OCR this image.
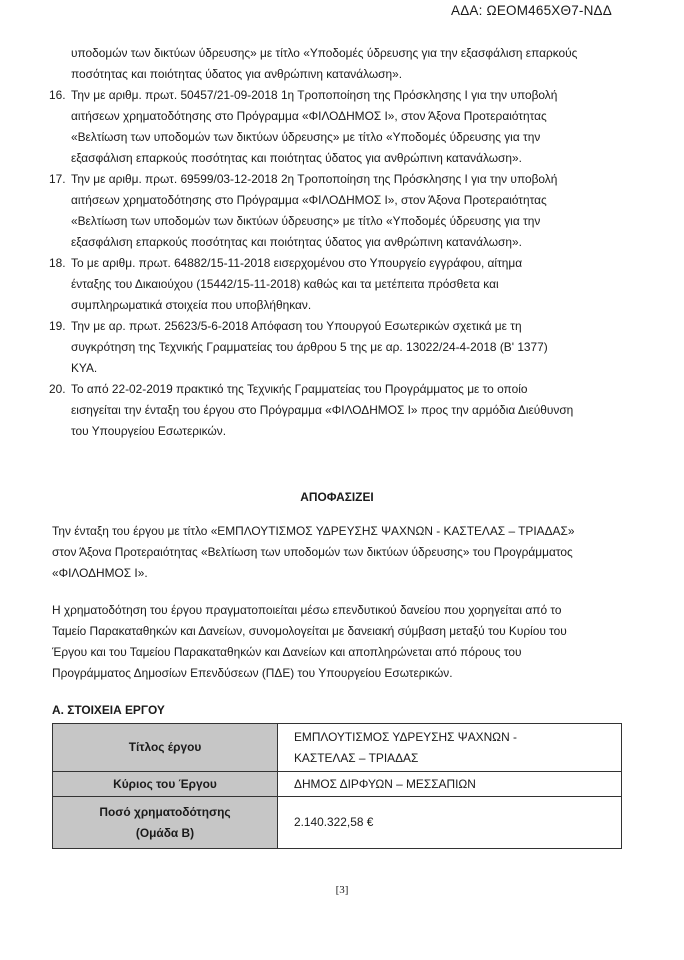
ΑΔΑ: ΩΕΟΜ465ΧΘ7-ΝΔΔ
υποδομών των δικτύων ύδρευσης» με τίτλο «Υποδομές ύδρευσης για την εξασφάλιση επαρκούς
ποσότητας και ποιότητας ύδατος για ανθρώπινη κατανάλωση».
16. Την με αριθμ. πρωτ. 50457/21-09-2018 1η Τροποποίηση της Πρόσκλησης Ι για την υποβολή
αιτήσεων χρηματοδότησης στο Πρόγραμμα «ΦΙΛΟΔΗΜΟΣ Ι», στον Άξονα Προτεραιότητας
«Βελτίωση των υποδομών των δικτύων ύδρευσης» με τίτλο «Υποδομές ύδρευσης για την
εξασφάλιση επαρκούς ποσότητας και ποιότητας ύδατος για ανθρώπινη κατανάλωση».
17. Την με αριθμ. πρωτ. 69599/03-12-2018 2η Τροποποίηση της Πρόσκλησης Ι για την υποβολή
αιτήσεων χρηματοδότησης στο Πρόγραμμα «ΦΙΛΟΔΗΜΟΣ Ι», στον Άξονα Προτεραιότητας
«Βελτίωση των υποδομών των δικτύων ύδρευσης» με τίτλο «Υποδομές ύδρευσης για την
εξασφάλιση επαρκούς ποσότητας και ποιότητας ύδατος για ανθρώπινη κατανάλωση».
18. Το με αριθμ. πρωτ. 64882/15-11-2018 εισερχομένου στο Υπουργείο εγγράφου, αίτημα
ένταξης του Δικαιούχου (15442/15-11-2018) καθώς και τα μετέπειτα πρόσθετα και
συμπληρωματικά στοιχεία που υποβλήθηκαν.
19. Την με αρ. πρωτ. 25623/5-6-2018 Απόφαση του Υπουργού Εσωτερικών σχετικά με τη
συγκρότηση της Τεχνικής Γραμματείας του άρθρου 5 της με αρ. 13022/24-4-2018 (Β' 1377)
ΚΥΑ.
20. Το από 22-02-2019 πρακτικό της Τεχνικής Γραμματείας του Προγράμματος με το οποίο
εισηγείται την ένταξη του έργου στο Πρόγραμμα «ΦΙΛΟΔΗΜΟΣ Ι» προς την αρμόδια Διεύθυνση
του Υπουργείου Εσωτερικών.
ΑΠΟΦΑΣΙΖΕΙ
Την ένταξη του έργου με τίτλο «ΕΜΠΛΟΥΤΙΣΜΟΣ ΥΔΡΕΥΣΗΣ ΨΑΧΝΩΝ - ΚΑΣΤΕΛΑΣ – ΤΡΙΑΔΑΣ»
στον Άξονα Προτεραιότητας «Βελτίωση των υποδομών των δικτύων ύδρευσης» του Προγράμματος
«ΦΙΛΟΔΗΜΟΣ Ι».
Η χρηματοδότηση του έργου πραγματοποιείται μέσω επενδυτικού δανείου που χορηγείται από το
Ταμείο Παρακαταθηκών και Δανείων, συνομολογείται με δανειακή σύμβαση μεταξύ του Κυρίου του
Έργου και του Ταμείου Παρακαταθηκών και Δανείων και αποπληρώνεται από πόρους του
Προγράμματος Δημοσίων Επενδύσεων (ΠΔΕ) του Υπουργείου Εσωτερικών.
Α. ΣΤΟΙΧΕΙΑ ΕΡΓΟΥ
Τίτλος έργου	ΕΜΠΛΟΥΤΙΣΜΟΣ ΥΔΡΕΥΣΗΣ ΨΑΧΝΩΝ -
ΚΑΣΤΕΛΑΣ – ΤΡΙΑΔΑΣ
Κύριος του Έργου	ΔΗΜΟΣ ΔΙΡΦΥΩΝ – ΜΕΣΣΑΠΙΩΝ
Ποσό χρηματοδότησης
(Ομάδα Β)	2.140.322,58 €
[3]
